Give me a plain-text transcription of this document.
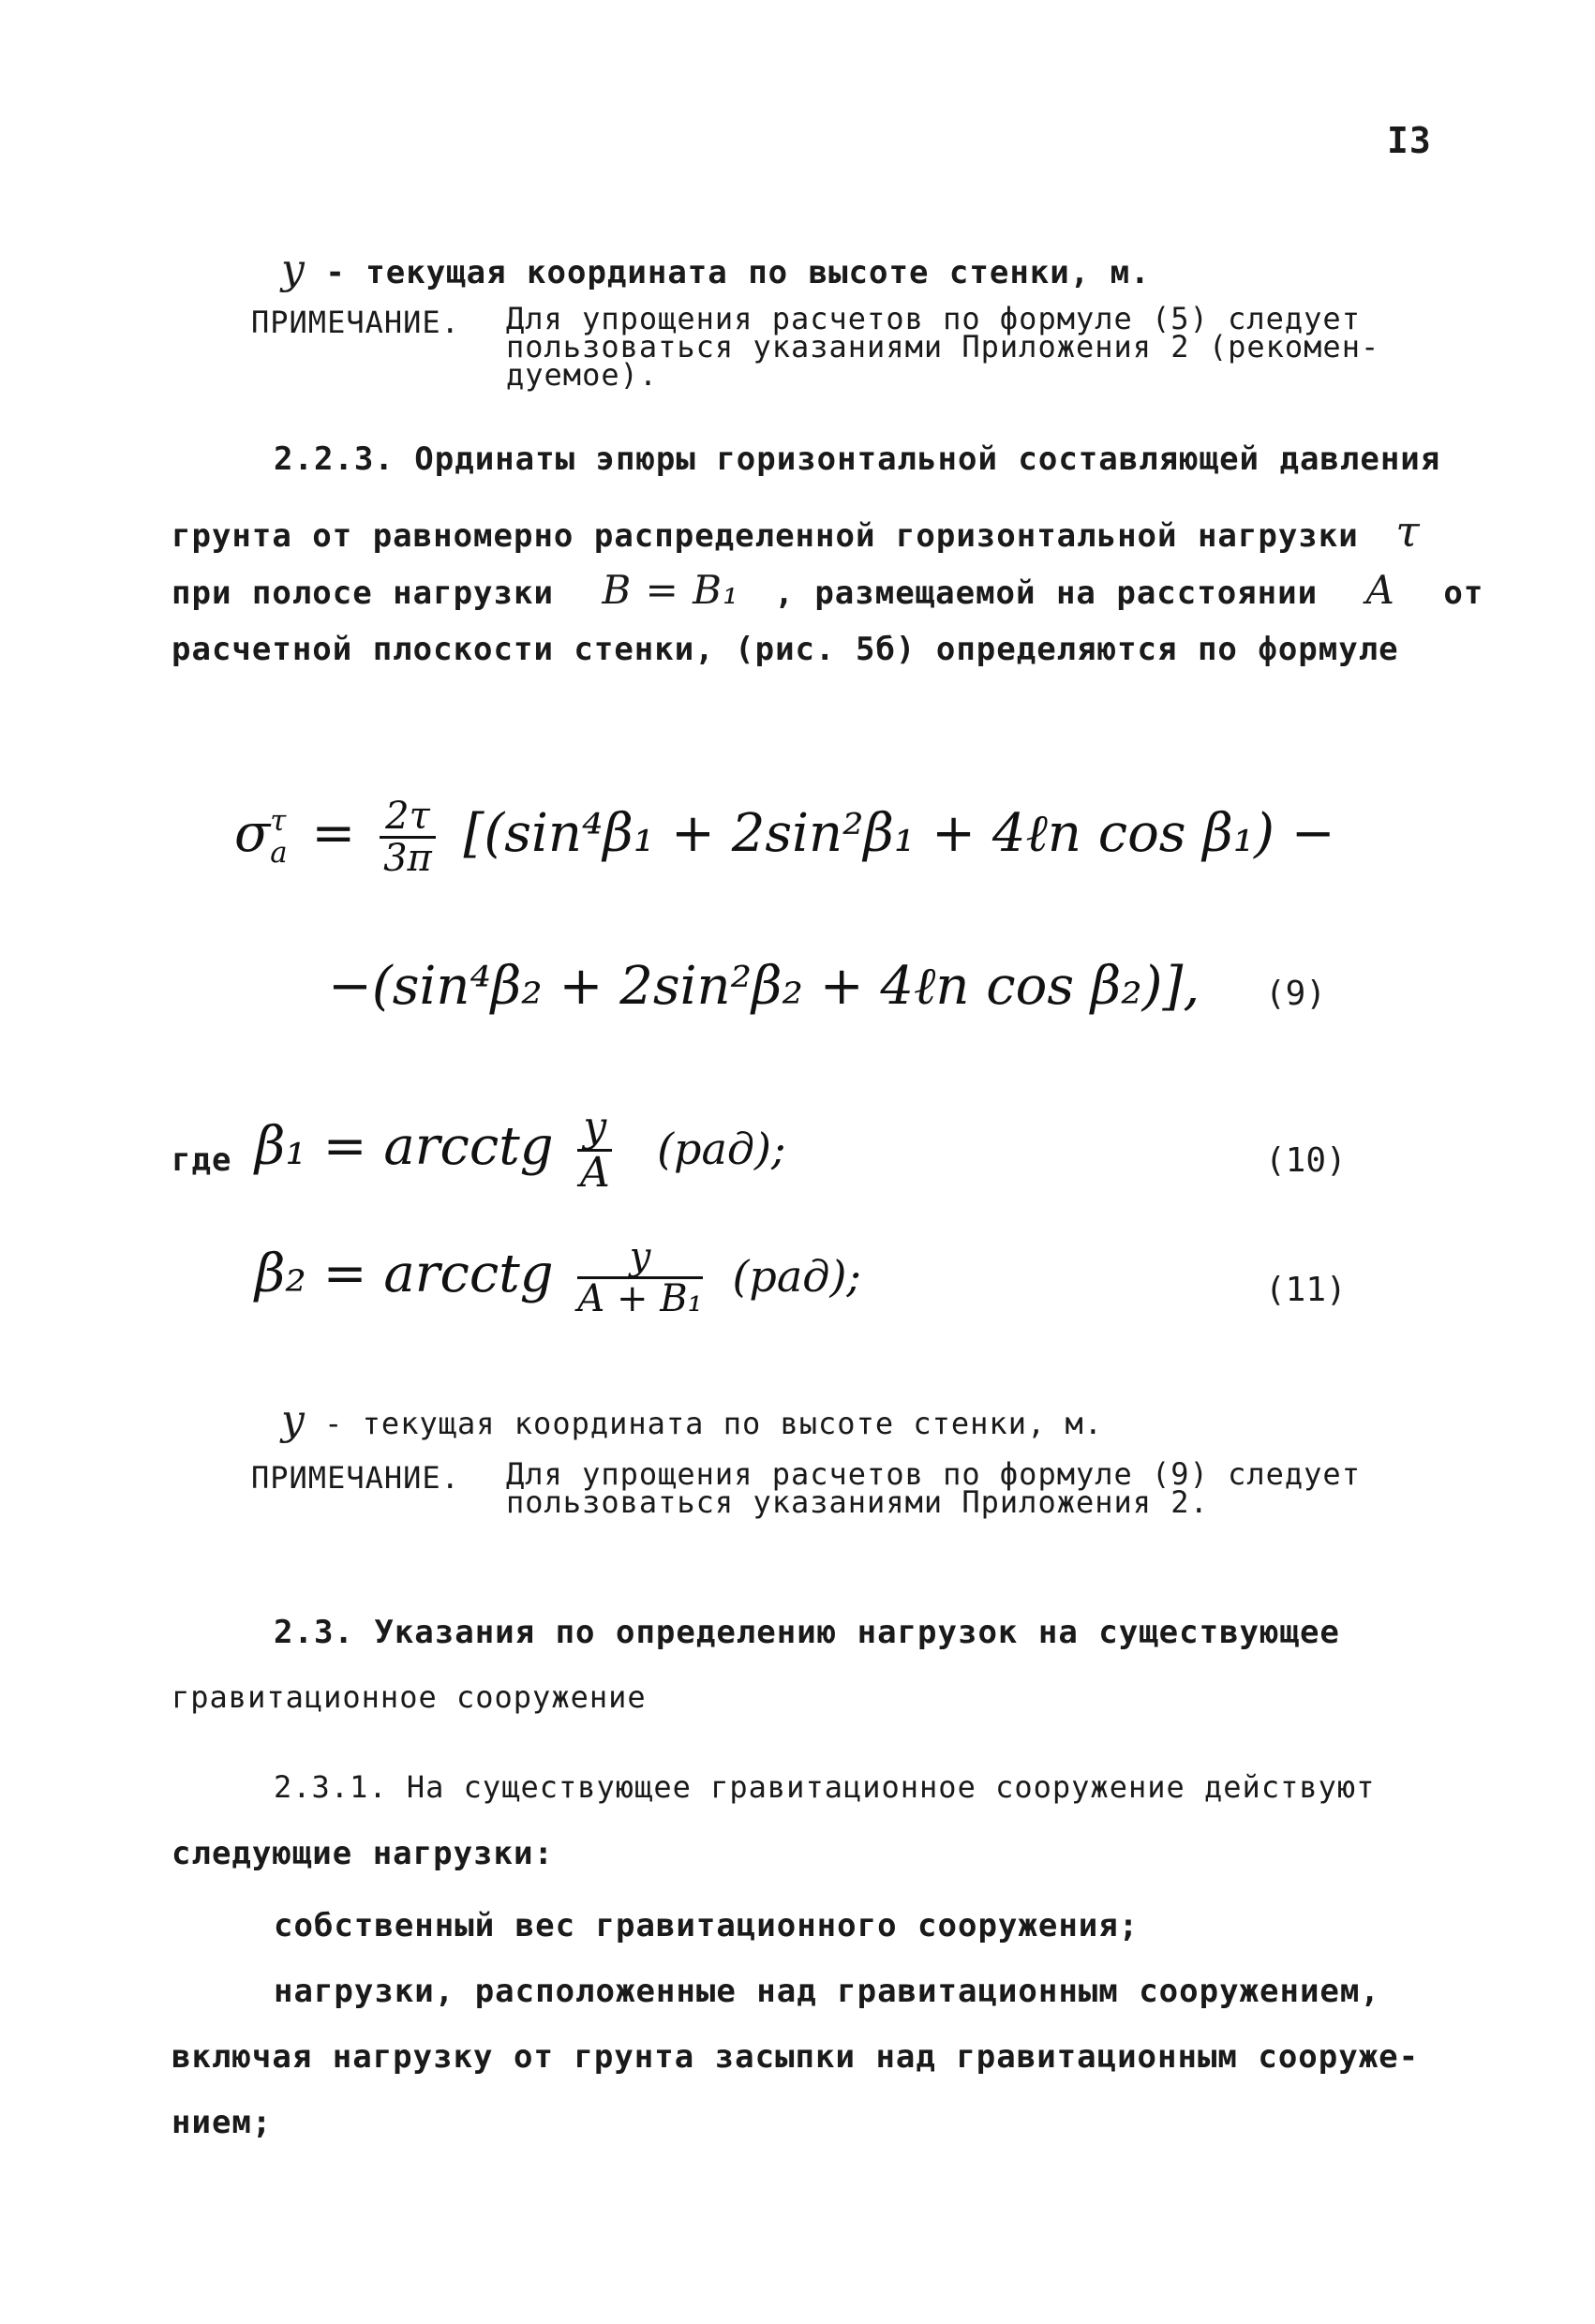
I3
y - текущая координата по высоте стенки, м.
ПРИМЕЧАНИЕ. Для упрощения расчетов по формуле (5) следует
пользоваться указаниями Приложения 2 (рекомен-
дуемое).
2.2.3. Ординаты эпюры горизонтальной составляющей давления
грунта от равномерно распределенной горизонтальной нагрузки τ
при полосе нагрузки B = B₁ , размещаемой на расстоянии A от
расчетной плоскости стенки, (рис. 5б) определяются по формуле
σ τ
$a = \frac{2\tau}{3\pi} [(\sin^4\beta_1 + 2\sin^2\beta_1$ + 4ℓn cos β₁) −
−(sin⁴β₂ + 2sin²β₂ + 4ℓn cos β₂)], (9)
где β₁ = arcctg $\frac{y}{A} (рад)$;	(10)
β₂ = arcctg $\frac{y}{\text{A + B₁}} (рад)$;	(11)
y - текущая координата по высоте стенки, м.
ПРИМЕЧАНИЕ. Для упрощения расчетов по формуле (9) следует
пользоваться указаниями Приложения 2.
2.3. Указания по определению нагрузок на существующее
гравитационное сооружение
2.3.1. На существующее гравитационное сооружение действуют
следующие нагрузки:
собственный вес гравитационного сооружения;
нагрузки, расположенные над гравитационным сооружением,
включая нагрузку от грунта засыпки над гравитационным сооруже-
нием;
